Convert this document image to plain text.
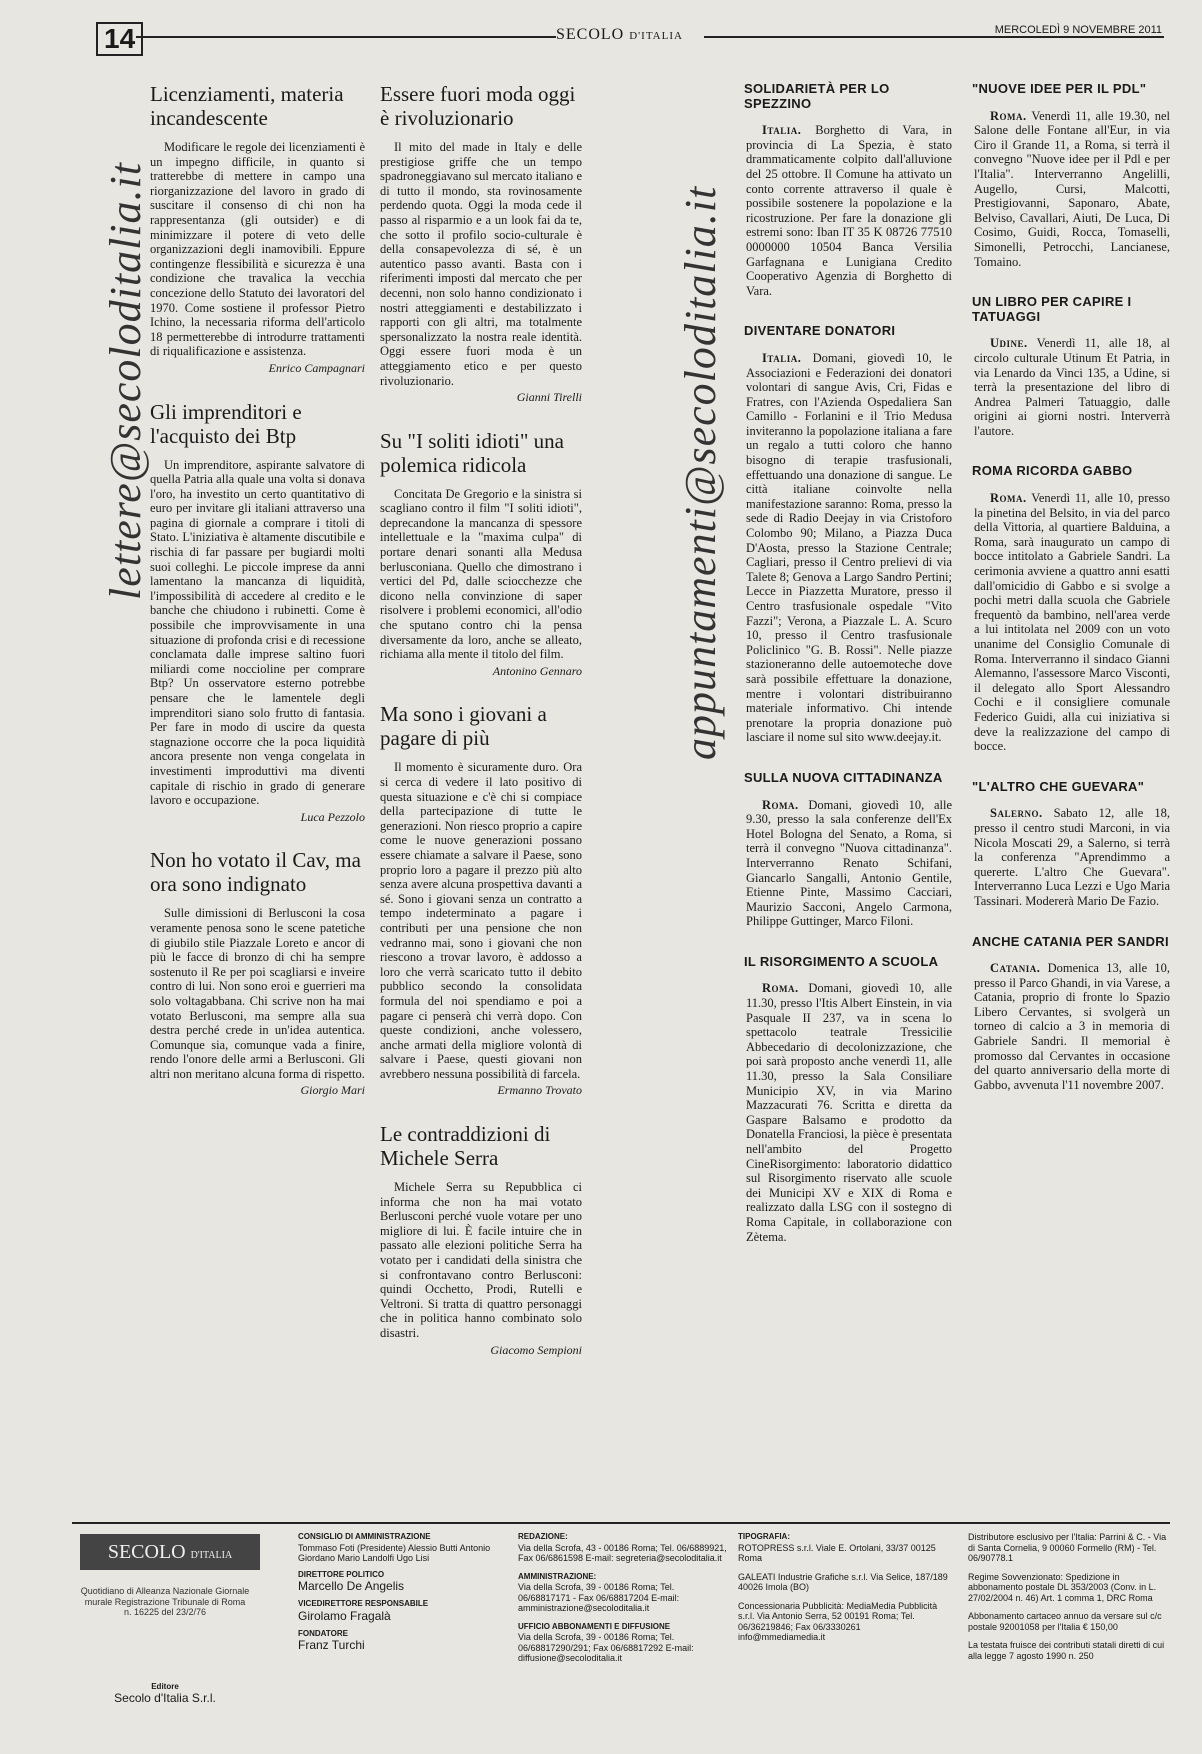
14	SECOLO D'ITALIA	MERCOLEDÌ 9 NOVEMBRE 2011
lettere@secoloditalia.it	appuntamenti@secoloditalia.it
Licenziamenti, materia incandescente

Modificare le regole dei licenziamenti è un impegno difficile, in quanto si tratterebbe di mettere in campo una riorganizzazione del lavoro in grado di suscitare il consenso di chi non ha rappresentanza (gli outsider) e di minimizzare il potere di veto delle organizzazioni degli inamovibili. Eppure contingenze flessibilità e sicurezza è una condizione che travalica la vecchia concezione dello Statuto dei lavoratori del 1970. Come sostiene il professor Pietro Ichino, la necessaria riforma dell'articolo 18 permetterebbe di introdurre trattamenti di riqualificazione e assistenza.

Enrico Campagnari

Gli imprenditori e l'acquisto dei Btp

Un imprenditore, aspirante salvatore di quella Patria alla quale una volta si donava l'oro, ha investito un certo quantitativo di euro per invitare gli italiani attraverso una pagina di giornale a comprare i titoli di Stato. L'iniziativa è altamente discutibile e rischia di far passare per bugiardi molti suoi colleghi. Le piccole imprese da anni lamentano la mancanza di liquidità, l'impossibilità di accedere al credito e le banche che chiudono i rubinetti. Come è possibile che improvvisamente in una situazione di profonda crisi e di recessione conclamata dalle imprese saltino fuori miliardi come noccioline per comprare Btp? Un osservatore esterno potrebbe pensare che le lamentele degli imprenditori siano solo frutto di fantasia. Per fare in modo di uscire da questa stagnazione occorre che la poca liquidità ancora presente non venga congelata in investimenti improduttivi ma diventi capitale di rischio in grado di generare lavoro e occupazione.

Luca Pezzolo

Non ho votato il Cav, ma ora sono indignato

Sulle dimissioni di Berlusconi la cosa veramente penosa sono le scene patetiche di giubilo stile Piazzale Loreto e ancor di più le facce di bronzo di chi ha sempre sostenuto il Re per poi scagliarsi e inveire contro di lui. Non sono eroi e guerrieri ma solo voltagabbana. Chi scrive non ha mai votato Berlusconi, ma sempre alla sua destra perché crede in un'idea autentica. Comunque sia, comunque vada a finire, rendo l'onore delle armi a Berlusconi. Gli altri non meritano alcuna forma di rispetto.

Giorgio Mari

Essere fuori moda oggi è rivoluzionario

Il mito del made in Italy e delle prestigiose griffe che un tempo spadroneggiavano sul mercato italiano e di tutto il mondo, sta rovinosamente perdendo quota. Oggi la moda cede il passo al risparmio e a un look fai da te, che sotto il profilo socio-culturale è della consapevolezza di sé, è un autentico passo avanti. Basta con i riferimenti imposti dal mercato che per decenni, non solo hanno condizionato i nostri atteggiamenti e destabilizzato i rapporti con gli altri, ma totalmente spersonalizzato la nostra reale identità. Oggi essere fuori moda è un atteggiamento etico e per questo rivoluzionario.

Gianni Tirelli

Su "I soliti idioti" una polemica ridicola

Concitata De Gregorio e la sinistra si scagliano contro il film "I soliti idioti", deprecandone la mancanza di spessore intellettuale e la "maxima culpa" di portare denari sonanti alla Medusa berlusconiana. Quello che dimostrano i vertici del Pd, dalle sciocchezze che dicono nella convinzione di saper risolvere i problemi economici, all'odio che sputano contro chi la pensa diversamente da loro, anche se alleato, richiama alla mente il titolo del film.

Antonino Gennaro

Ma sono i giovani a pagare di più

Il momento è sicuramente duro. Ora si cerca di vedere il lato positivo di questa situazione e c'è chi si compiace della partecipazione di tutte le generazioni. Non riesco proprio a capire come le nuove generazioni possano essere chiamate a salvare il Paese, sono proprio loro a pagare il prezzo più alto senza avere alcuna prospettiva davanti a sé. Sono i giovani senza un contratto a tempo indeterminato a pagare i contributi per una pensione che non vedranno mai, sono i giovani che non riescono a trovar lavoro, è addosso a loro che verrà scaricato tutto il debito pubblico secondo la consolidata formula del noi spendiamo e poi a pagare ci penserà chi verrà dopo. Con queste condizioni, anche volessero, anche armati della migliore volontà di salvare i Paese, questi giovani non avrebbero nessuna possibilità di farcela.

Ermanno Trovato

Le contraddizioni di Michele Serra

Michele Serra su Repubblica ci informa che non ha mai votato Berlusconi perché vuole votare per uno migliore di lui. È facile intuire che in passato alle elezioni politiche Serra ha votato per i candidati della sinistra che si confrontavano contro Berlusconi: quindi Occhetto, Prodi, Rutelli e Veltroni. Si tratta di quattro personaggi che in politica hanno combinato solo disastri.

Giacomo Sempioni

SOLIDARIETÀ PER LO SPEZZINO

Italia. Borghetto di Vara, in provincia di La Spezia, è stato drammaticamente colpito dall'alluvione del 25 ottobre. Il Comune ha attivato un conto corrente attraverso il quale è possibile sostenere la popolazione e la ricostruzione. Per fare la donazione gli estremi sono: Iban IT 35 K 08726 77510 0000000 10504 Banca Versilia Garfagnana e Lunigiana Credito Cooperativo Agenzia di Borghetto di Vara.

DIVENTARE DONATORI

Italia. Domani, giovedì 10, le Associazioni e Federazioni dei donatori volontari di sangue Avis, Cri, Fidas e Fratres, con l'Azienda Ospedaliera San Camillo - Forlanini e il Trio Medusa inviteranno la popolazione italiana a fare un regalo a tutti coloro che hanno bisogno di terapie trasfusionali, effettuando una donazione di sangue. Le città italiane coinvolte nella manifestazione saranno: Roma, presso la sede di Radio Deejay in via Cristoforo Colombo 90; Milano, a Piazza Duca D'Aosta, presso la Stazione Centrale; Cagliari, presso il Centro prelievi di via Talete 8; Genova a Largo Sandro Pertini; Lecce in Piazzetta Muratore, presso il Centro trasfusionale ospedale "Vito Fazzi"; Verona, a Piazzale L. A. Scuro 10, presso il Centro trasfusionale Policlinico "G. B. Rossi". Nelle piazze stazioneranno delle autoemoteche dove sarà possibile effettuare la donazione, mentre i volontari distribuiranno materiale informativo. Chi intende prenotare la propria donazione può lasciare il nome sul sito www.deejay.it.

SULLA NUOVA CITTADINANZA

Roma. Domani, giovedì 10, alle 9.30, presso la sala conferenze dell'Ex Hotel Bologna del Senato, a Roma, si terrà il convegno "Nuova cittadinanza". Interverranno Renato Schifani, Giancarlo Sangalli, Antonio Gentile, Etienne Pinte, Massimo Cacciari, Maurizio Sacconi, Angelo Carmona, Philippe Guttinger, Marco Filoni.

IL RISORGIMENTO A SCUOLA

Roma. Domani, giovedì 10, alle 11.30, presso l'Itis Albert Einstein, in via Pasquale II 237, va in scena lo spettacolo teatrale Tressicilie Abbecedario di decolonizzazione, che poi sarà proposto anche venerdì 11, alle 11.30, presso la Sala Consiliare Municipio XV, in via Marino Mazzacurati 76. Scritta e diretta da Gaspare Balsamo e prodotto da Donatella Franciosi, la pièce è presentata nell'ambito del Progetto CineRisorgimento: laboratorio didattico sul Risorgimento riservato alle scuole dei Municipi XV e XIX di Roma e realizzato dalla LSG con il sostegno di Roma Capitale, in collaborazione con Zètema.

"NUOVE IDEE PER IL PDL"

Roma. Venerdì 11, alle 19.30, nel Salone delle Fontane all'Eur, in via Ciro il Grande 11, a Roma, si terrà il convegno "Nuove idee per il Pdl e per l'Italia". Interverranno Angelilli, Augello, Cursi, Malcotti, Prestigiovanni, Saponaro, Abate, Belviso, Cavallari, Aiuti, De Luca, Di Cosimo, Guidi, Rocca, Tomaselli, Simonelli, Petrocchi, Lancianese, Tomaino.

UN LIBRO PER CAPIRE I TATUAGGI

Udine. Venerdì 11, alle 18, al circolo culturale Utinum Et Patria, in via Lenardo da Vinci 135, a Udine, si terrà la presentazione del libro di Andrea Palmeri Tatuaggio, dalle origini ai giorni nostri. Interverrà l'autore.

ROMA RICORDA GABBO

Roma. Venerdì 11, alle 10, presso la pinetina del Belsito, in via del parco della Vittoria, al quartiere Balduina, a Roma, sarà inaugurato un campo di bocce intitolato a Gabriele Sandri. La cerimonia avviene a quattro anni esatti dall'omicidio di Gabbo e si svolge a pochi metri dalla scuola che Gabriele frequentò da bambino, nell'area verde a lui intitolata nel 2009 con un voto unanime del Consiglio Comunale di Roma. Interverranno il sindaco Gianni Alemanno, l'assessore Marco Visconti, il delegato allo Sport Alessandro Cochi e il consigliere comunale Federico Guidi, alla cui iniziativa si deve la realizzazione del campo di bocce.

"L'ALTRO CHE GUEVARA"

Salerno. Sabato 12, alle 18, presso il centro studi Marconi, in via Nicola Moscati 29, a Salerno, si terrà la conferenza "Aprendimmo a quererte. L'altro Che Guevara". Interverranno Luca Lezzi e Ugo Maria Tassinari. Modererà Mario De Fazio.

ANCHE CATANIA PER SANDRI

Catania. Domenica 13, alle 10, presso il Parco Ghandi, in via Varese, a Catania, proprio di fronte lo Spazio Libero Cervantes, si svolgerà un torneo di calcio a 3 in memoria di Gabriele Sandri. Il memorial è promosso dal Cervantes in occasione del quarto anniversario della morte di Gabbo, avvenuta l'11 novembre 2007.

SECOLO D'ITALIA
Quotidiano di Alleanza Nazionale Giornale murale Registrazione Tribunale di Roma n. 16225 del 23/2/76
Editore
Secolo d'Italia S.r.l.
CONSIGLIO DI AMMINISTRAZIONE
Tommaso Foti (Presidente) Alessio Butti Antonio Giordano Mario Landolfi Ugo Lisi
DIRETTORE POLITICO
Marcello De Angelis
VICEDIRETTORE RESPONSABILE
Girolamo Fragalà
FONDATORE
Franz Turchi
REDAZIONE:
Via della Scrofa, 43 - 00186 Roma; Tel. 06/6889921, Fax 06/6861598 E-mail: segreteria@secoloditalia.it
AMMINISTRAZIONE:
Via della Scrofa, 39 - 00186 Roma; Tel. 06/68817171 - Fax 06/68817204 E-mail: amministrazione@secoloditalia.it
UFFICIO ABBONAMENTI E DIFFUSIONE
Via della Scrofa, 39 - 00186 Roma; Tel. 06/68817290/291; Fax 06/68817292 E-mail: diffusione@secoloditalia.it
TIPOGRAFIA:
ROTOPRESS s.r.l. Viale E. Ortolani, 33/37 00125 Roma
GALEATI Industrie Grafiche s.r.l. Via Selice, 187/189 40026 Imola (BO)
Concessionaria Pubblicità: MediaMedia Pubblicità s.r.l. Via Antonio Serra, 52 00191 Roma; Tel. 06/36219846; Fax 06/3330261 info@mmediamedia.it
Distributore esclusivo per l'Italia: Parrini & C. - Via di Santa Cornelia, 9 00060 Formello (RM) - Tel. 06/90778.1
Regime Sovvenzionato: Spedizione in abbonamento postale DL 353/2003 (Conv. in L. 27/02/2004 n. 46) Art. 1 comma 1, DRC Roma
Abbonamento cartaceo annuo da versare sul c/c postale 92001058 per l'Italia € 150,00
La testata fruisce dei contributi statali diretti di cui alla legge 7 agosto 1990 n. 250
